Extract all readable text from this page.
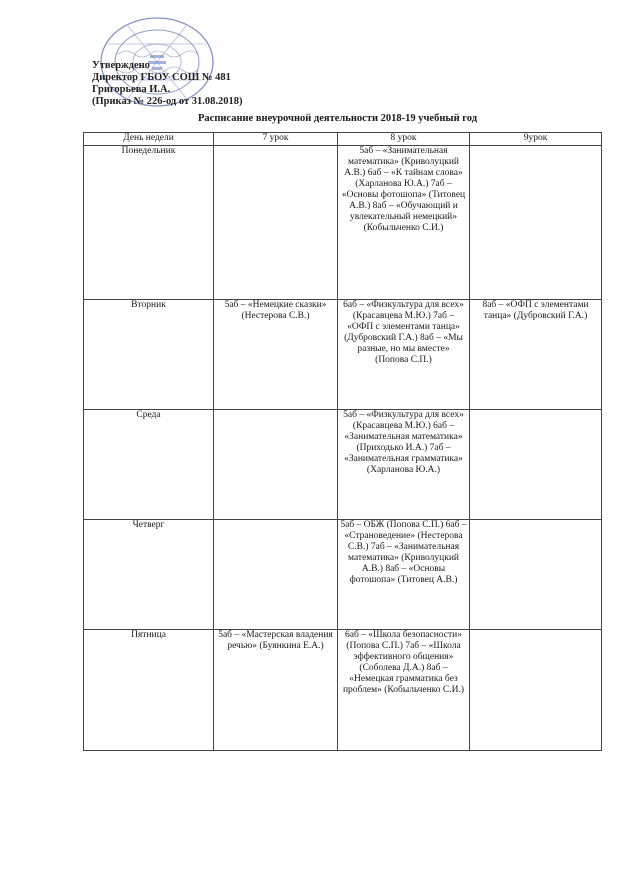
Утверждено
Директор ГБОУ СОШ № 481
Григорьева И.А.
(Приказ № 226-од от 31.08.2018)
Расписание внеурочной деятельности 2018-19 учебный год
День недели	7 урок	8 урок	9урок
Понедельник		5аб – «Занимательная математика» (Криволуцкий А.В.) 6аб – «К тайнам слова» (Харланова Ю.А.) 7аб – «Основы фотошопа» (Титовец А.В.) 8аб – «Обучающий и увлекательный немецкий» (Кобыльченко С.И.)	
Вторник	5аб – «Немецкие сказки» (Нестерова С.В.)	6аб – «Физкультура для всех» (Красавцева М.Ю.) 7аб – «ОФП с элементами танца» (Дубровский Г.А.) 8аб – «Мы разные, но мы вместе» (Попова С.П.)	8аб – «ОФП с элементами танца» (Дубровский Г.А.)
Среда		5аб – «Физкультура для всех» (Красавцева М.Ю.) 6аб – «Занимательная математика» (Приходько И.А.) 7аб – «Занимательная грамматика» (Харланова Ю.А.)	
Четверг		5аб – ОБЖ (Попова С.П.) 6аб – «Страноведение» (Нестерова С.В.) 7аб – «Занимательная математика» (Криволуцкий А.В.) 8аб – «Основы фотошопа» (Титовец А.В.)	
Пятница	5аб – «Мастерская владения речью» (Буянкина Е.А.)	6аб – «Школа безопасности» (Попова С.П.) 7аб – «Школа эффективного общения» (Соболева Д.А.) 8аб – «Немецкая грамматика без проблем» (Кобыльченко С.И.)	
